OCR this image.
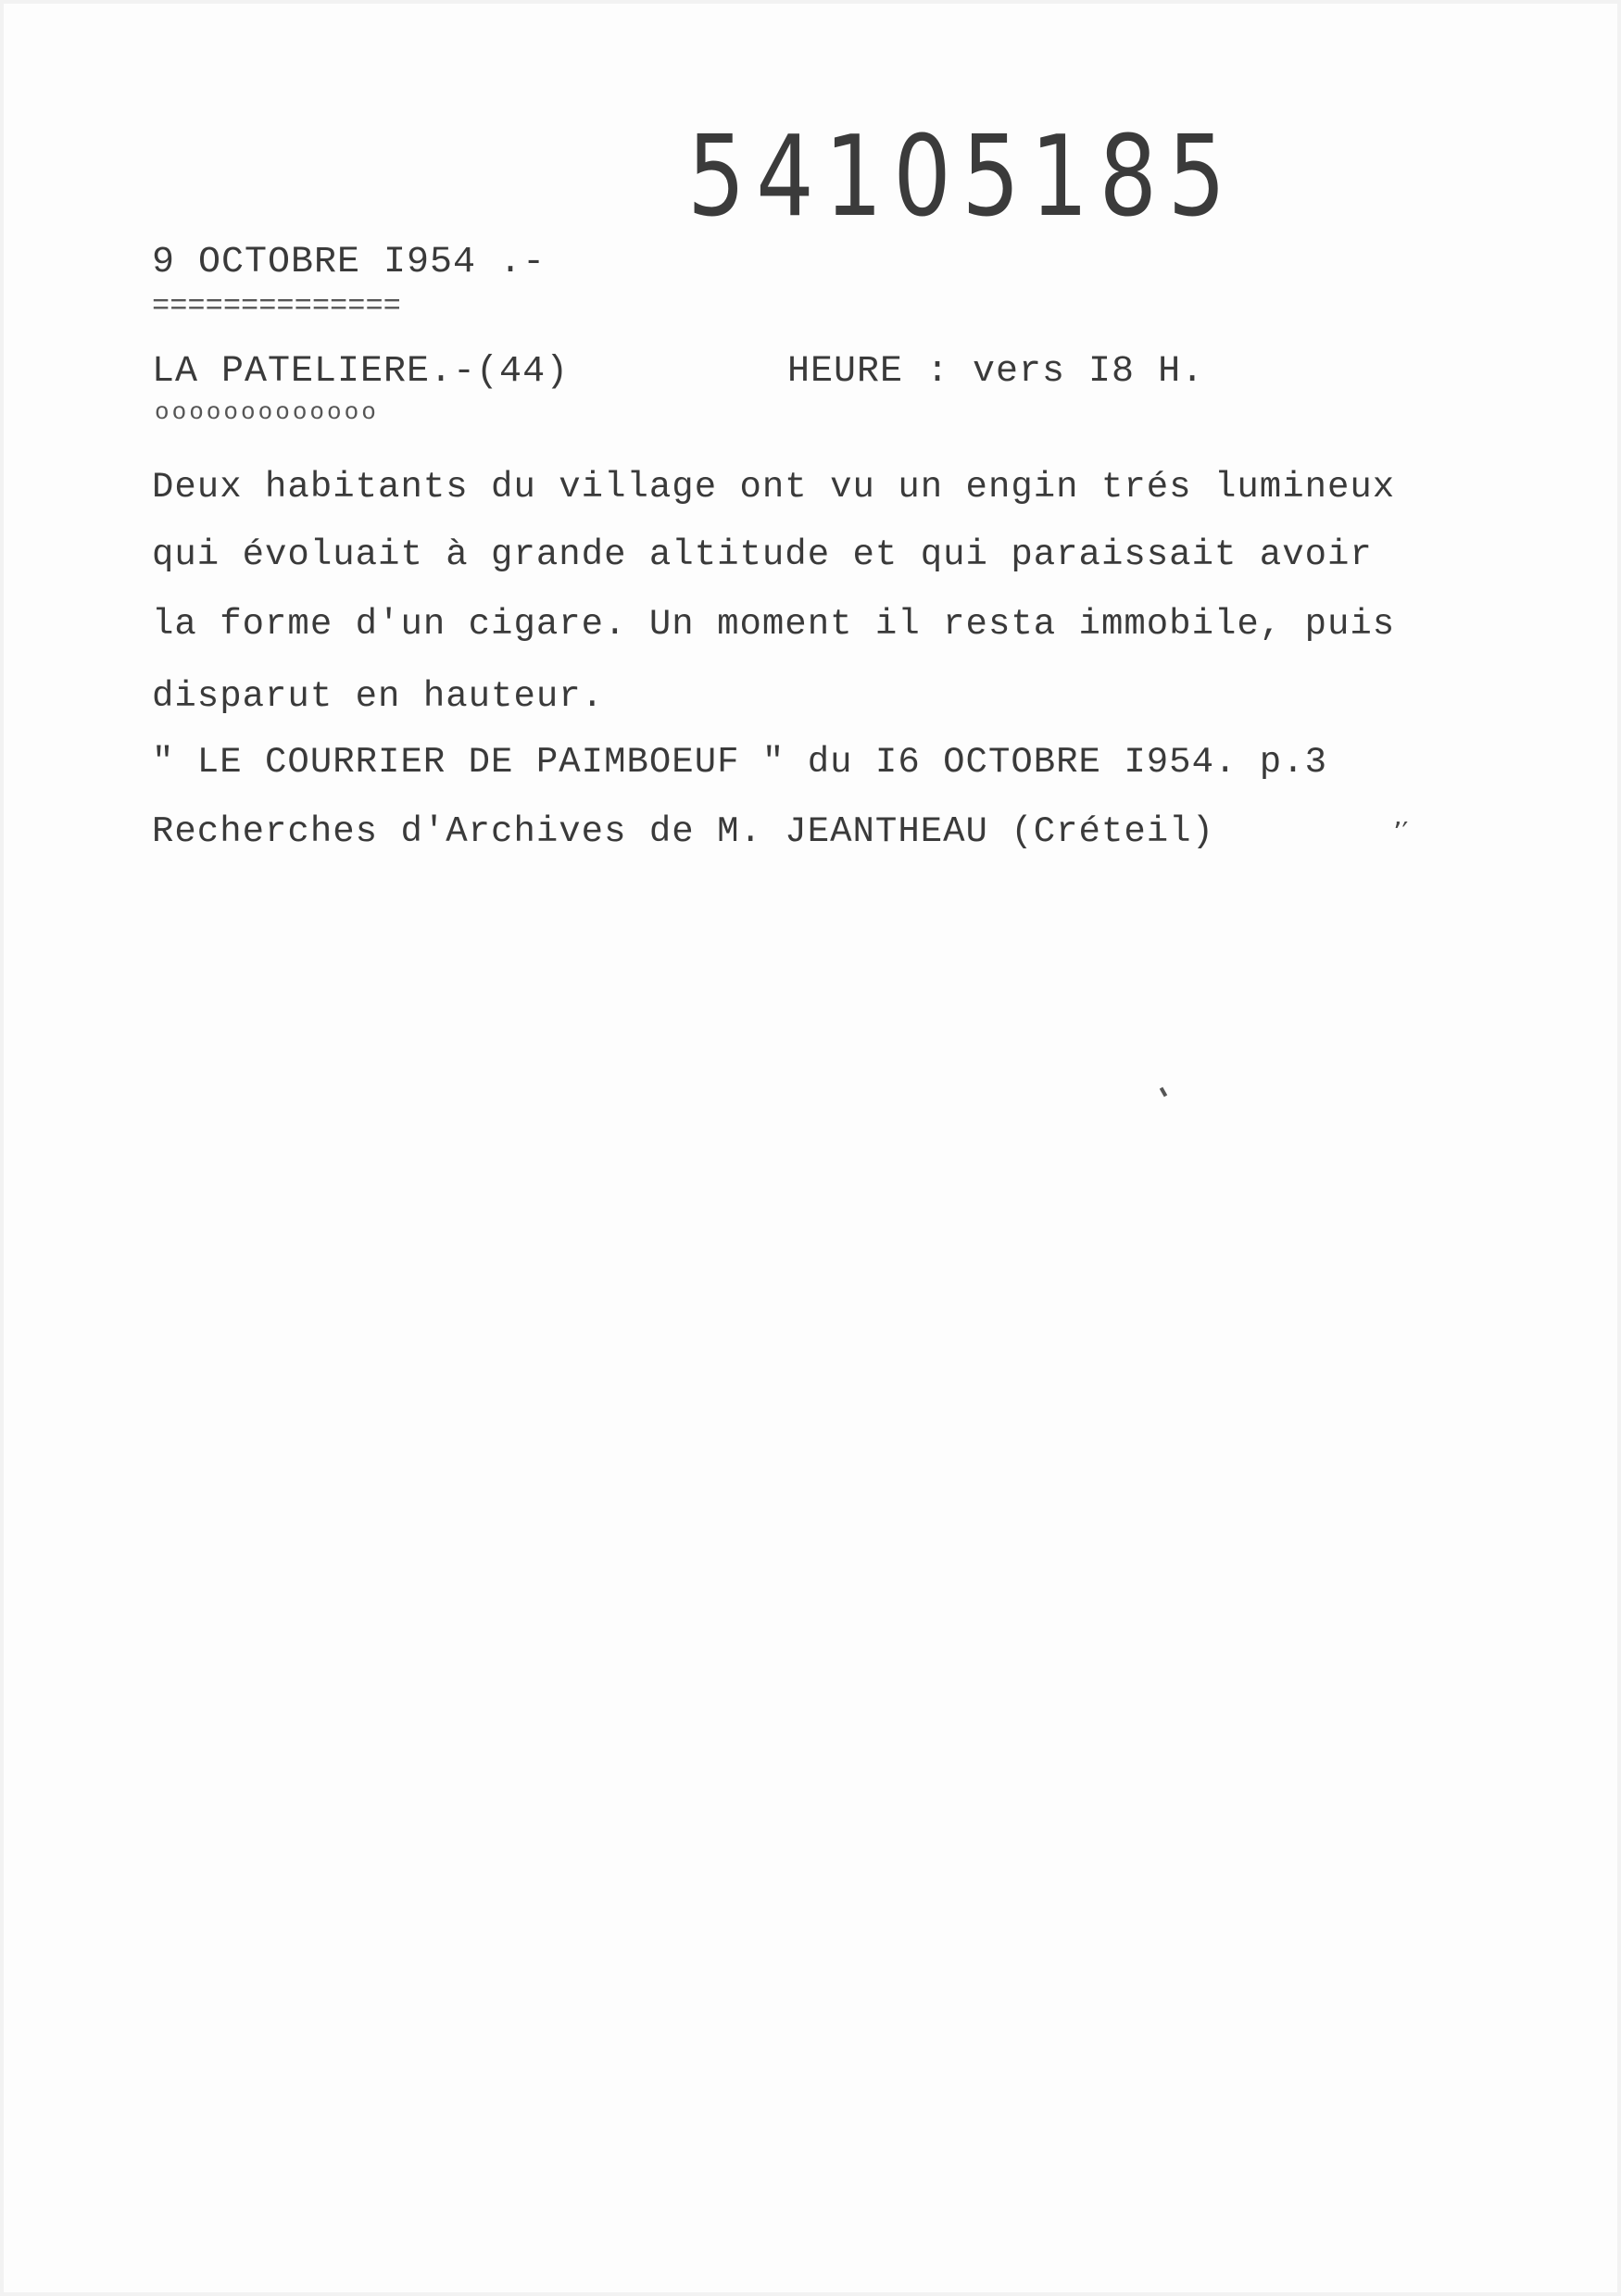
54105185
9 OCTOBRE I954 .-
==============
LA PATELIERE.-(44)	HEURE : vers I8 H.
ooooooooooooo
Deux habitants du village ont vu un engin trés lumineux
qui évoluait à grande altitude et qui paraissait avoir
la forme d'un cigare. Un moment il resta immobile, puis
disparut en hauteur.
" LE COURRIER DE PAIMBOEUF " du I6 OCTOBRE I954. p.3
Recherches d'Archives de M. JEANTHEAU (Créteil)	’′
